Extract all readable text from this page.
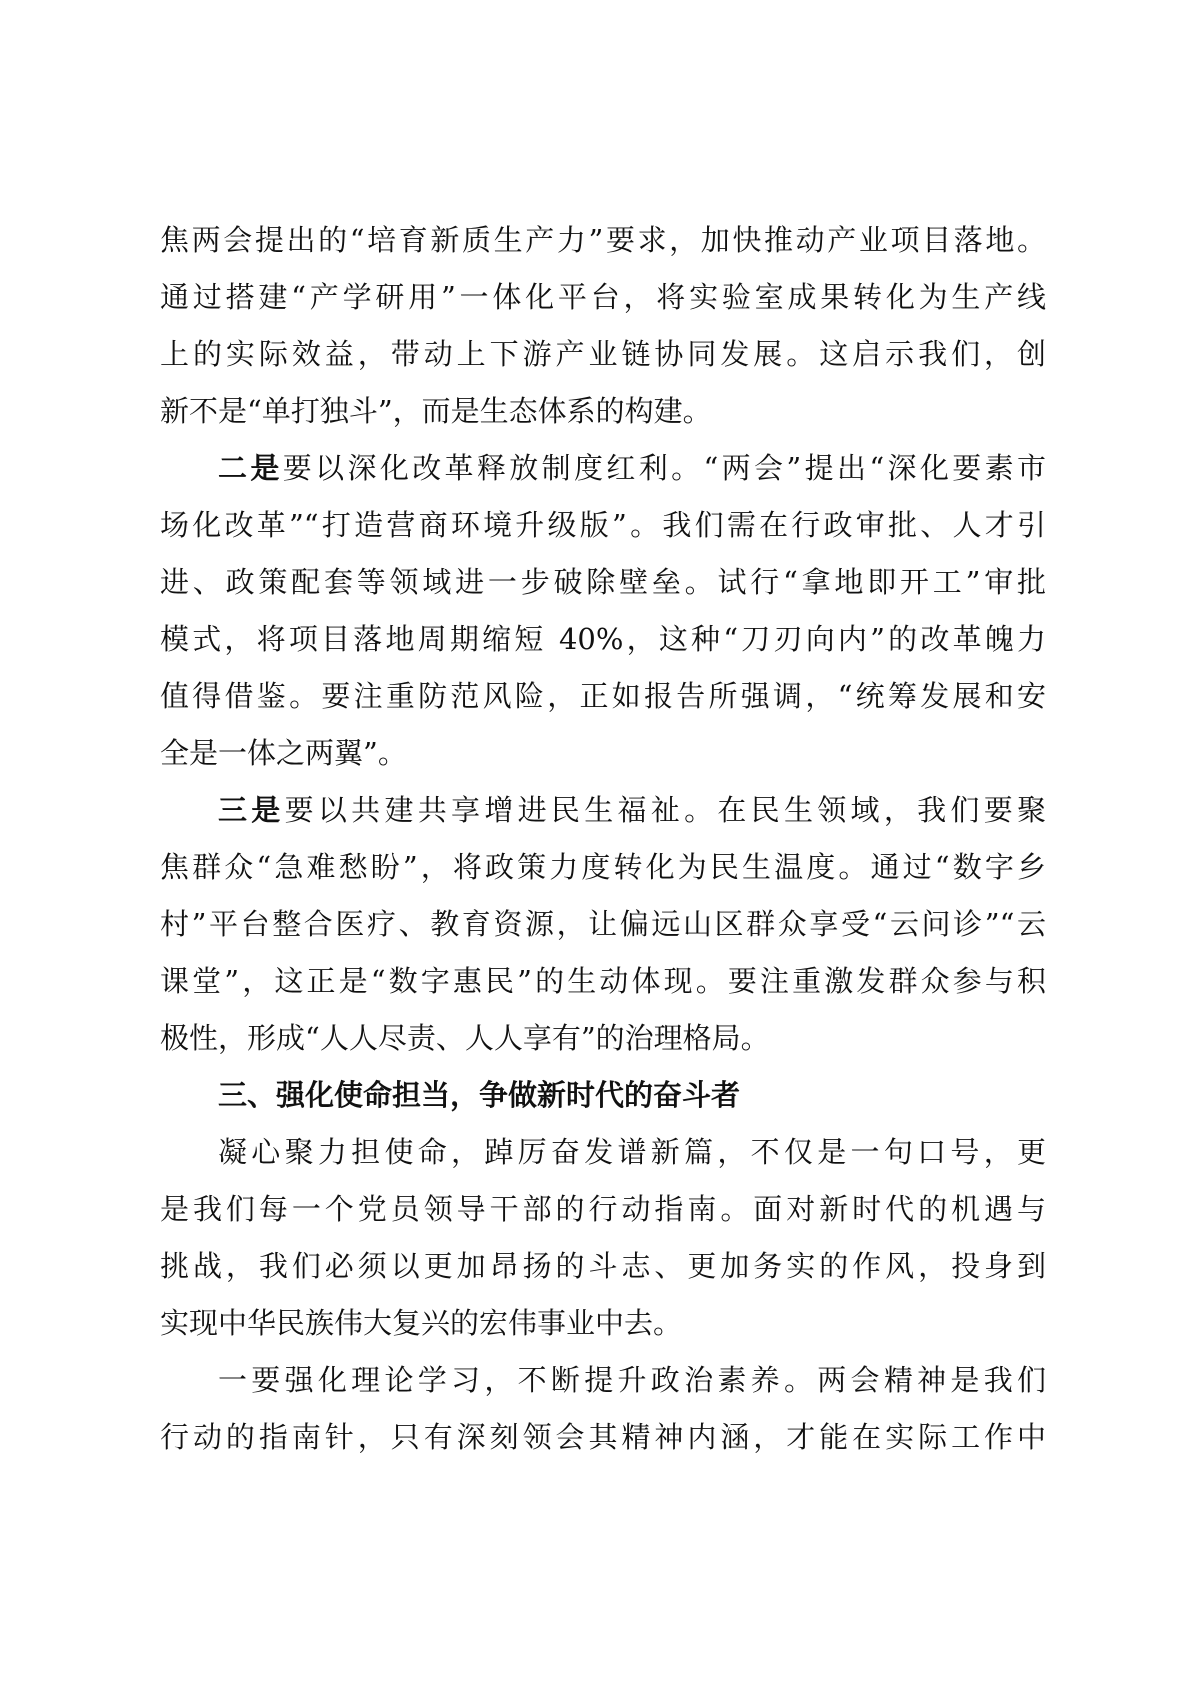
焦两会提出的“培育新质生产力”要求，加快推动产业项目落地。
通过搭建“产学研用”一体化平台，将实验室成果转化为生产线
上的实际效益，带动上下游产业链协同发展。这启示我们，创
新不是“单打独斗”，而是生态体系的构建。
二是要以深化改革释放制度红利。“两会”提出“深化要素市
场化改革”“打造营商环境升级版”。我们需在行政审批、人才引
进、政策配套等领域进一步破除壁垒。试行“拿地即开工”审批
模式，将项目落地周期缩短 40%，这种“刀刃向内”的改革魄力
值得借鉴。要注重防范风险，正如报告所强调，“统筹发展和安
全是一体之两翼”。
三是要以共建共享增进民生福祉。在民生领域，我们要聚
焦群众“急难愁盼”，将政策力度转化为民生温度。通过“数字乡
村”平台整合医疗、教育资源，让偏远山区群众享受“云问诊”“云
课堂”，这正是“数字惠民”的生动体现。要注重激发群众参与积
极性，形成“人人尽责、人人享有”的治理格局。
三、强化使命担当，争做新时代的奋斗者
凝心聚力担使命，踔厉奋发谱新篇，不仅是一句口号，更
是我们每一个党员领导干部的行动指南。面对新时代的机遇与
挑战，我们必须以更加昂扬的斗志、更加务实的作风，投身到
实现中华民族伟大复兴的宏伟事业中去。
一要强化理论学习，不断提升政治素养。两会精神是我们
行动的指南针，只有深刻领会其精神内涵，才能在实际工作中
